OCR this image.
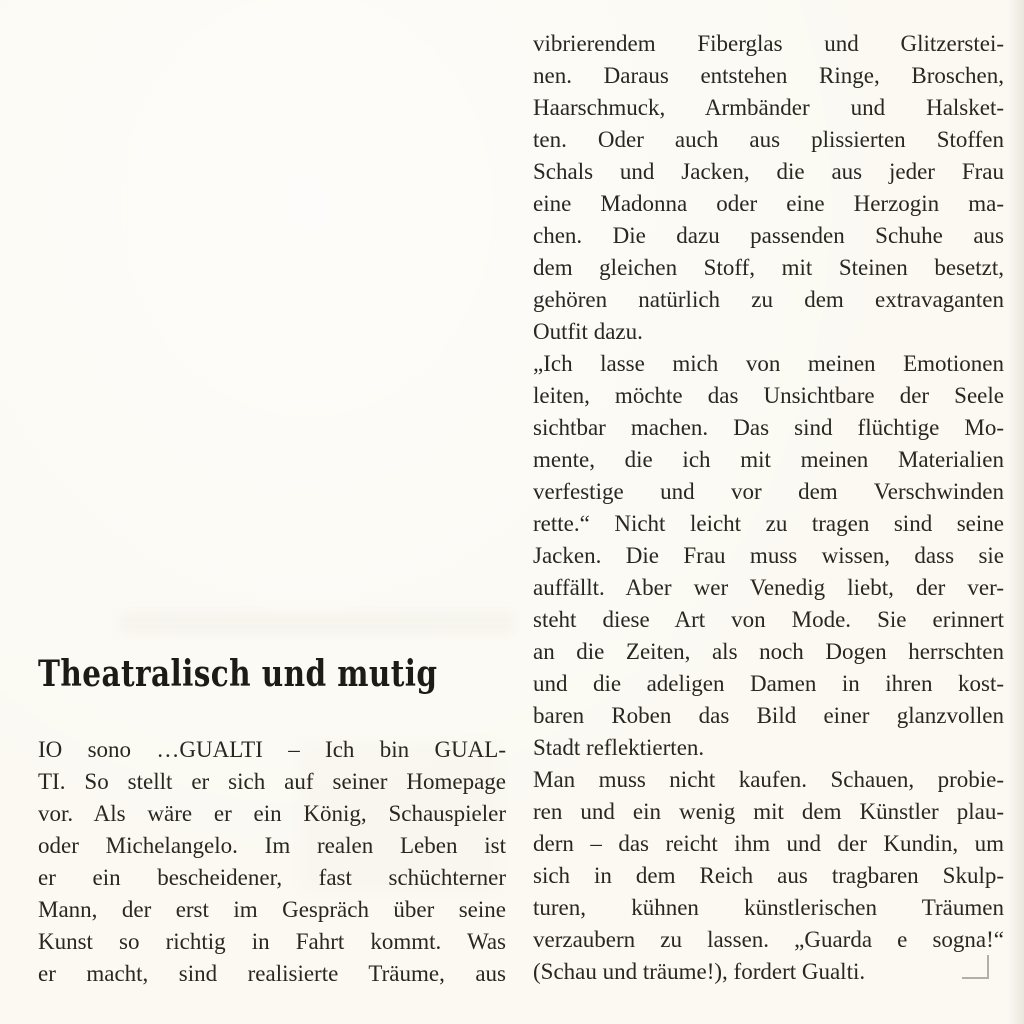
Theatralisch und mutig
IO sono …GUALTI – Ich bin GUAL-
TI. So stellt er sich auf seiner Homepage
vor. Als wäre er ein König, Schauspieler
oder Michelangelo. Im realen Leben ist
er ein bescheidener, fast schüchterner
Mann, der erst im Gespräch über seine
Kunst so richtig in Fahrt kommt. Was
er macht, sind realisierte Träume, aus
vibrierendem Fiberglas und Glitzerstei-
nen. Daraus entstehen Ringe, Broschen,
Haarschmuck, Armbänder und Halsket-
ten. Oder auch aus plissierten Stoffen
Schals und Jacken, die aus jeder Frau
eine Madonna oder eine Herzogin ma-
chen. Die dazu passenden Schuhe aus
dem gleichen Stoff, mit Steinen besetzt,
gehören natürlich zu dem extravaganten
Outfit dazu.
„Ich lasse mich von meinen Emotionen
leiten, möchte das Unsichtbare der Seele
sichtbar machen. Das sind flüchtige Mo-
mente, die ich mit meinen Materialien
verfestige und vor dem Verschwinden
rette.“ Nicht leicht zu tragen sind seine
Jacken. Die Frau muss wissen, dass sie
auffällt. Aber wer Venedig liebt, der ver-
steht diese Art von Mode. Sie erinnert
an die Zeiten, als noch Dogen herrschten
und die adeligen Damen in ihren kost-
baren Roben das Bild einer glanzvollen
Stadt reflektierten.
Man muss nicht kaufen. Schauen, probie-
ren und ein wenig mit dem Künstler plau-
dern – das reicht ihm und der Kundin, um
sich in dem Reich aus tragbaren Skulp-
turen, kühnen künstlerischen Träumen
verzaubern zu lassen. „Guarda e sogna!“
(Schau und träume!), fordert Gualti.
